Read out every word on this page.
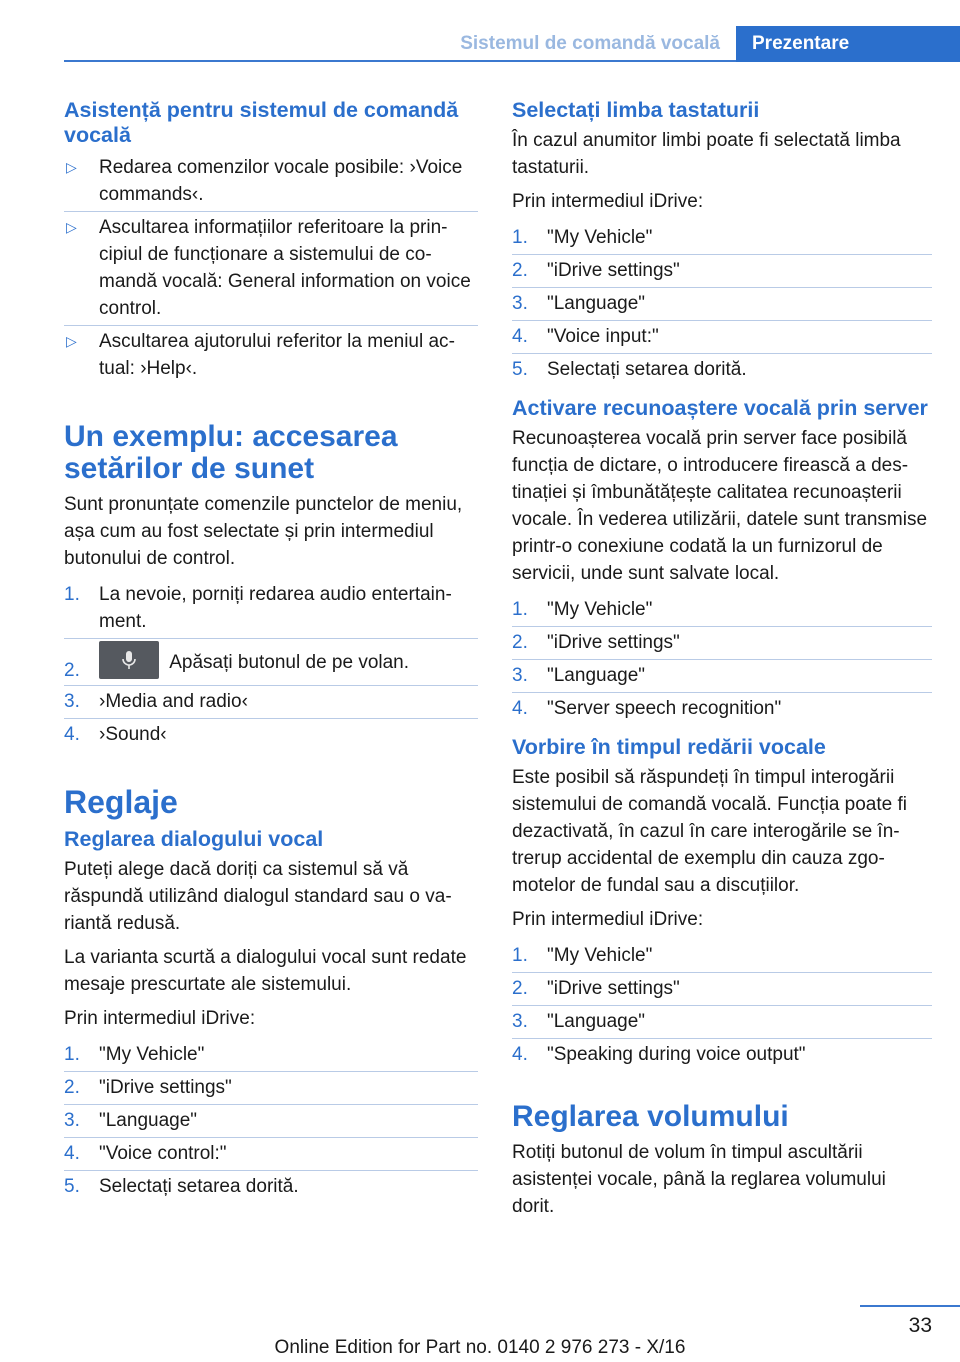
Sistemul de comandă vocală	Prezentare
Asistență pentru sistemul de comandă vocală
▷ Redarea comenzilor vocale posibile: ›Voice commands‹.
▷ Ascultarea informațiilor referitoare la principiul de funcționare a sistemului de comandă vocală: General information on voice control.
▷ Ascultarea ajutorului referitor la meniul actual: ›Help‹.
Un exemplu: accesarea setărilor de sunet
Sunt pronunțate comenzile punctelor de meniu, așa cum au fost selectate și prin intermediul butonului de control.
1. La nevoie, porniți redarea audio entertainment.
2.	Apăsați butonul de pe volan.
3. ›Media and radio‹
4. ›Sound‹
Reglaje
Reglarea dialogului vocal
Puteți alege dacă doriți ca sistemul să vă răspundă utilizând dialogul standard sau o variantă redusă.
La varianta scurtă a dialogului vocal sunt redate mesaje prescurtate ale sistemului.
Prin intermediul iDrive:
1. "My Vehicle"
2. "iDrive settings"
3. "Language"
4. "Voice control:"
5. Selectați setarea dorită.
Selectați limba tastaturii
În cazul anumitor limbi poate fi selectată limba tastaturii.
Prin intermediul iDrive:
1. "My Vehicle"
2. "iDrive settings"
3. "Language"
4. "Voice input:"
5. Selectați setarea dorită.
Activare recunoaștere vocală prin server
Recunoașterea vocală prin server face posibilă funcția de dictare, o introducere firească a destinației și îmbunătățește calitatea recunoașterii vocale. În vederea utilizării, datele sunt transmise printr-o conexiune codată la un furnizorul de servicii, unde sunt salvate local.
1. "My Vehicle"
2. "iDrive settings"
3. "Language"
4. "Server speech recognition"
Vorbire în timpul redării vocale
Este posibil să răspundeți în timpul interogării sistemului de comandă vocală. Funcția poate fi dezactivată, în cazul în care interogările se întrerup accidental de exemplu din cauza zgomotelor de fundal sau a discuțiilor.
Prin intermediul iDrive:
1. "My Vehicle"
2. "iDrive settings"
3. "Language"
4. "Speaking during voice output"
Reglarea volumului
Rotiți butonul de volum în timpul ascultării asistenței vocale, până la reglarea volumului dorit.
33
Online Edition for Part no. 0140 2 976 273 - X/16
